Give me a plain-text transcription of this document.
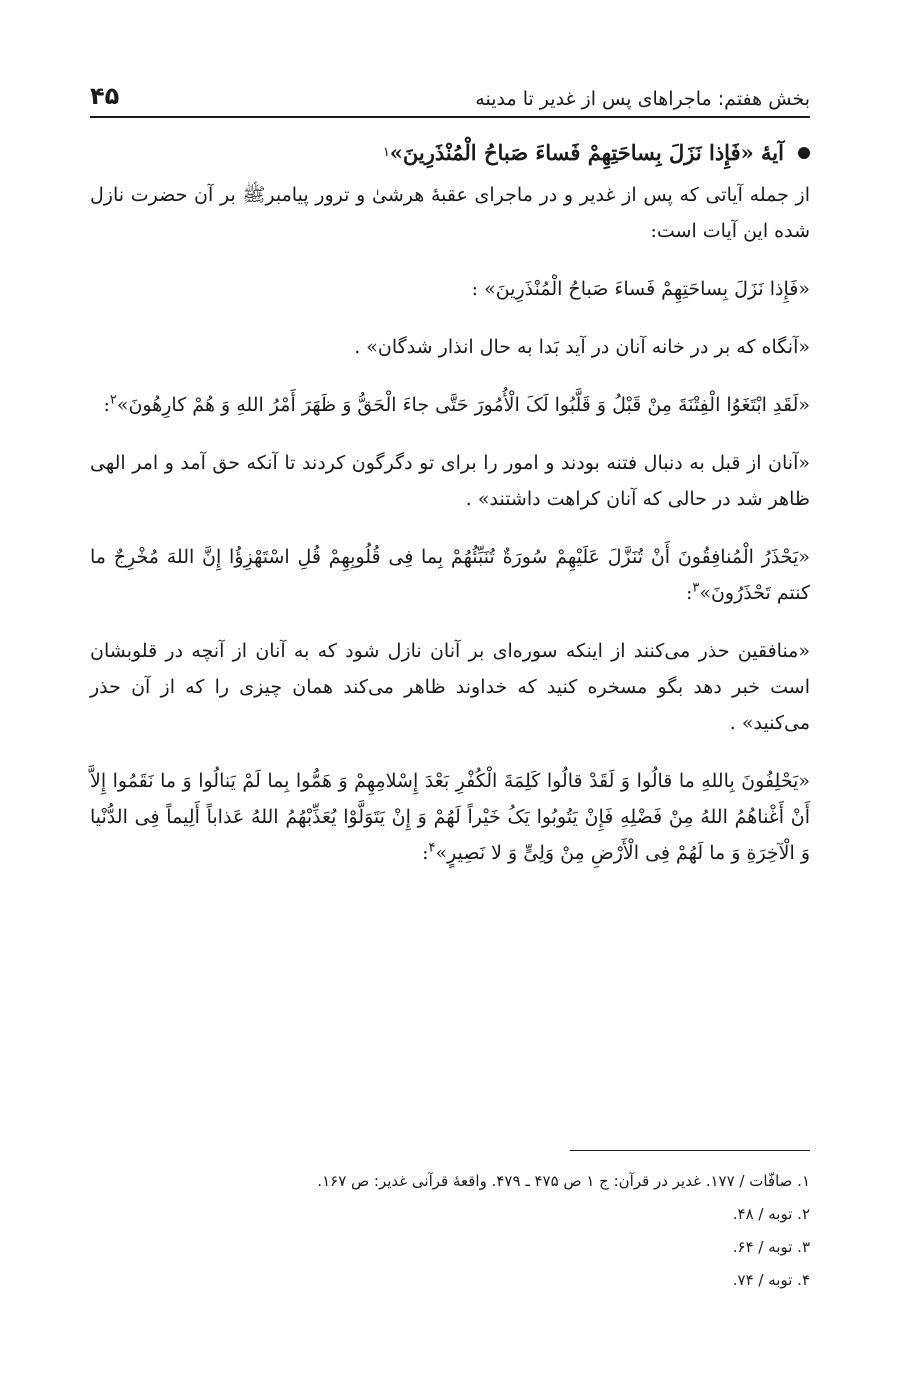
بخش هفتم: ماجراهای پس از غدیر تا مدینه
۴۵
آیهٔ «فَإِذا نَزَلَ بِساحَتِهِمْ فَساءَ صَباحُ الْمُنْذَرِینَ»
۱

از جمله آیاتی که پس از غدیر و در ماجرای عقبهٔ هرشیٰ و ترور پیامبرﷺ بر آن حضرت نازل شده این آیات است:

«فَإِذا نَزَلَ بِساحَتِهِمْ فَساءَ صَباحُ الْمُنْذَرِینَ» :

«آنگاه که بر در خانه آنان در آید بَدا به حال انذار شدگان» .

«لَقَدِ ابْتَغَوُا الْفِتْنَةَ مِنْ قَبْلُ وَ قَلَّبُوا لَکَ الْأُمُورَ حَتَّی جاءَ الْحَقُّ وَ ظَهَرَ أَمْرُ اللهِ وَ هُمْ کارِهُونَ»$^۲$:

«آنان از قبل به دنبال فتنه بودند و امور را برای تو دگرگون کردند تا آنکه حق آمد و امر الهی ظاهر شد در حالی که آنان کراهت داشتند» .

«یَحْذَرُ الْمُنافِقُونَ أَنْ تُنَزَّلَ عَلَیْهِمْ سُورَةٌ تُنَبِّئُهُمْ بِما فِی قُلُوبِهِمْ قُلِ اسْتَهْزِؤُا إِنَّ اللهَ مُخْرِجٌ ما کنتم تَحْذَرُونَ»$^۳$:

«منافقین حذر می‌کنند از اینکه سوره‌ای بر آنان نازل شود که به آنان از آنچه در قلوبشان است خبر دهد بگو مسخره کنید که خداوند ظاهر می‌کند همان چیزی را که از آن حذر می‌کنید» .

«یَحْلِفُونَ بِاللهِ ما قالُوا وَ لَقَدْ قالُوا کَلِمَةَ الْکُفْرِ بَعْدَ إِسْلامِهِمْ وَ هَمُّوا بِما لَمْ یَنالُوا وَ ما نَقَمُوا إِلاَّ أَنْ أَغْناهُمُ اللهُ مِنْ فَضْلِهِ فَإِنْ یَتُوبُوا یَکُ خَیْراً لَهُمْ وَ إِنْ یَتَوَلَّوْا یُعَذِّبْهُمُ اللهُ عَذاباً أَلِیماً فِی الدُّنْیا وَ الْآخِرَةِ وَ ما لَهُمْ فِی الْأَرْضِ مِنْ وَلِیٍّ وَ لا نَصِیرٍ»$^۴$:

۱. صافّات / ۱۷۷. غدیر در قرآن: ج ۱ ص ۴۷۵ ـ ۴۷۹. واقعهٔ قرآنی غدیر: ص ۱۶۷.

۲. توبه / ۴۸.

۳. توبه / ۶۴.

۴. توبه / ۷۴.
